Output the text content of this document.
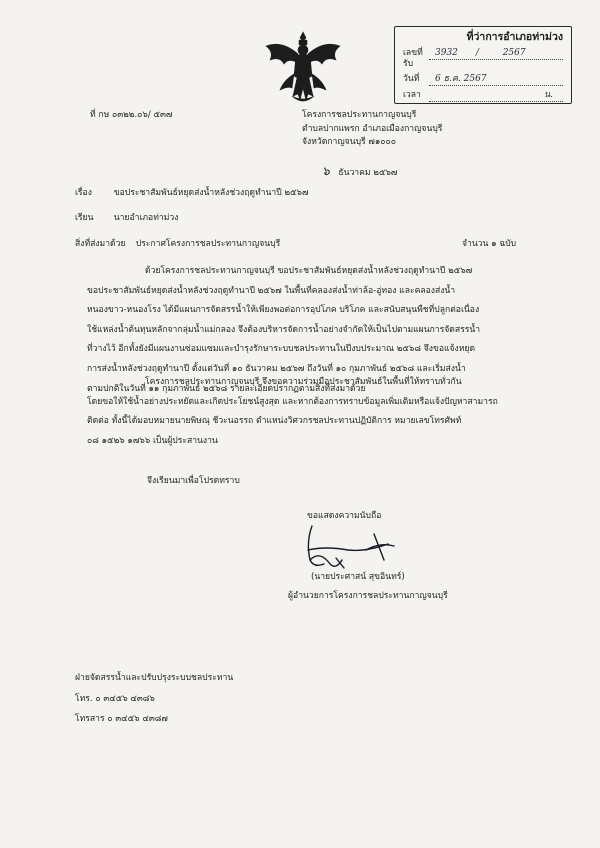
ที่ว่าการอำเภอท่าม่วง
เลขที่รับ
3932 /	2567
วันที่	6 ธ.ค. 2567
เวลา	น.
ที่ กษ ๐๓๒๒.๐๖/ ๕๓๗	โครงการชลประทานกาญจนบุรี
ตำบลปากแพรก อำเภอเมืองกาญจนบุรี
จังหวัดกาญจนบุรี ๗๑๐๐๐
๖ ธันวาคม ๒๕๖๗
เรื่อง	ขอประชาสัมพันธ์หยุดส่งน้ำหลังช่วงฤดูทำนาปี ๒๕๖๗
เรียน นายอำเภอท่าม่วง
สิ่งที่ส่งมาด้วย ประกาศโครงการชลประทานกาญจนบุรี	จำนวน ๑ ฉบับ
ด้วยโครงการชลประทานกาญจนบุรี ขอประชาสัมพันธ์หยุดส่งน้ำหลังช่วงฤดูทำนาปี ๒๕๖๗
ขอประชาสัมพันธ์หยุดส่งน้ำหลังช่วงฤดูทำนาปี ๒๕๖๗ ในพื้นที่คลองส่งน้ำท่าล้อ-อู่ทอง และคลองส่งน้ำ
หนองขาว-หนองโรง ได้มีแผนการจัดสรรน้ำให้เพียงพอต่อการอุปโภค บริโภค และสนับสนุนพืชที่ปลูกต่อเนื่อง
ใช้แหล่งน้ำต้นทุนหลักจากลุ่มน้ำแม่กลอง จึงต้องบริหารจัดการน้ำอย่างจำกัดให้เป็นไปตามแผนการจัดสรรน้ำ
ที่วางไว้ อีกทั้งยังมีแผนงานซ่อมแซมและบำรุงรักษาระบบชลประทานในปีงบประมาณ ๒๕๖๘ จึงขอแจ้งหยุด
การส่งน้ำหลังช่วงฤดูทำนาปี ตั้งแต่วันที่ ๑๐ ธันวาคม ๒๕๖๗ ถึงวันที่ ๑๐ กุมภาพันธ์ ๒๕๖๘ และเริ่มส่งน้ำ
ตามปกติในวันที่ ๑๑ กุมภาพันธ์ ๒๕๖๘ รายละเอียดปรากฏตามสิ่งที่ส่งมาด้วย
โครงการชลประทานกาญจนบุรี จึงขอความร่วมมือประชาสัมพันธ์ในพื้นที่ให้ทราบทั่วกัน
โดยขอให้ใช้น้ำอย่างประหยัดและเกิดประโยชน์สูงสุด และหากต้องการทราบข้อมูลเพิ่มเติมหรือแจ้งปัญหาสามารถ
ติดต่อ ทั้งนี้ได้มอบหมายนายพิษณุ ชีวะนอรรถ ตำแหน่งวิศวกรชลประทานปฏิบัติการ หมายเลขโทรศัพท์
๐๘ ๑๕๒๖ ๑๗๖๖ เป็นผู้ประสานงาน
จึงเรียนมาเพื่อโปรดทราบ
ขอแสดงความนับถือ
(นายประศาสน์ สุขอินทร์)
ผู้อำนวยการโครงการชลประทานกาญจนบุรี
ฝ่ายจัดสรรน้ำและปรับปรุงระบบชลประทาน
โทร. ๐ ๓๔๕๖ ๔๓๘๖
โทรสาร ๐ ๓๔๕๖ ๔๓๘๗
